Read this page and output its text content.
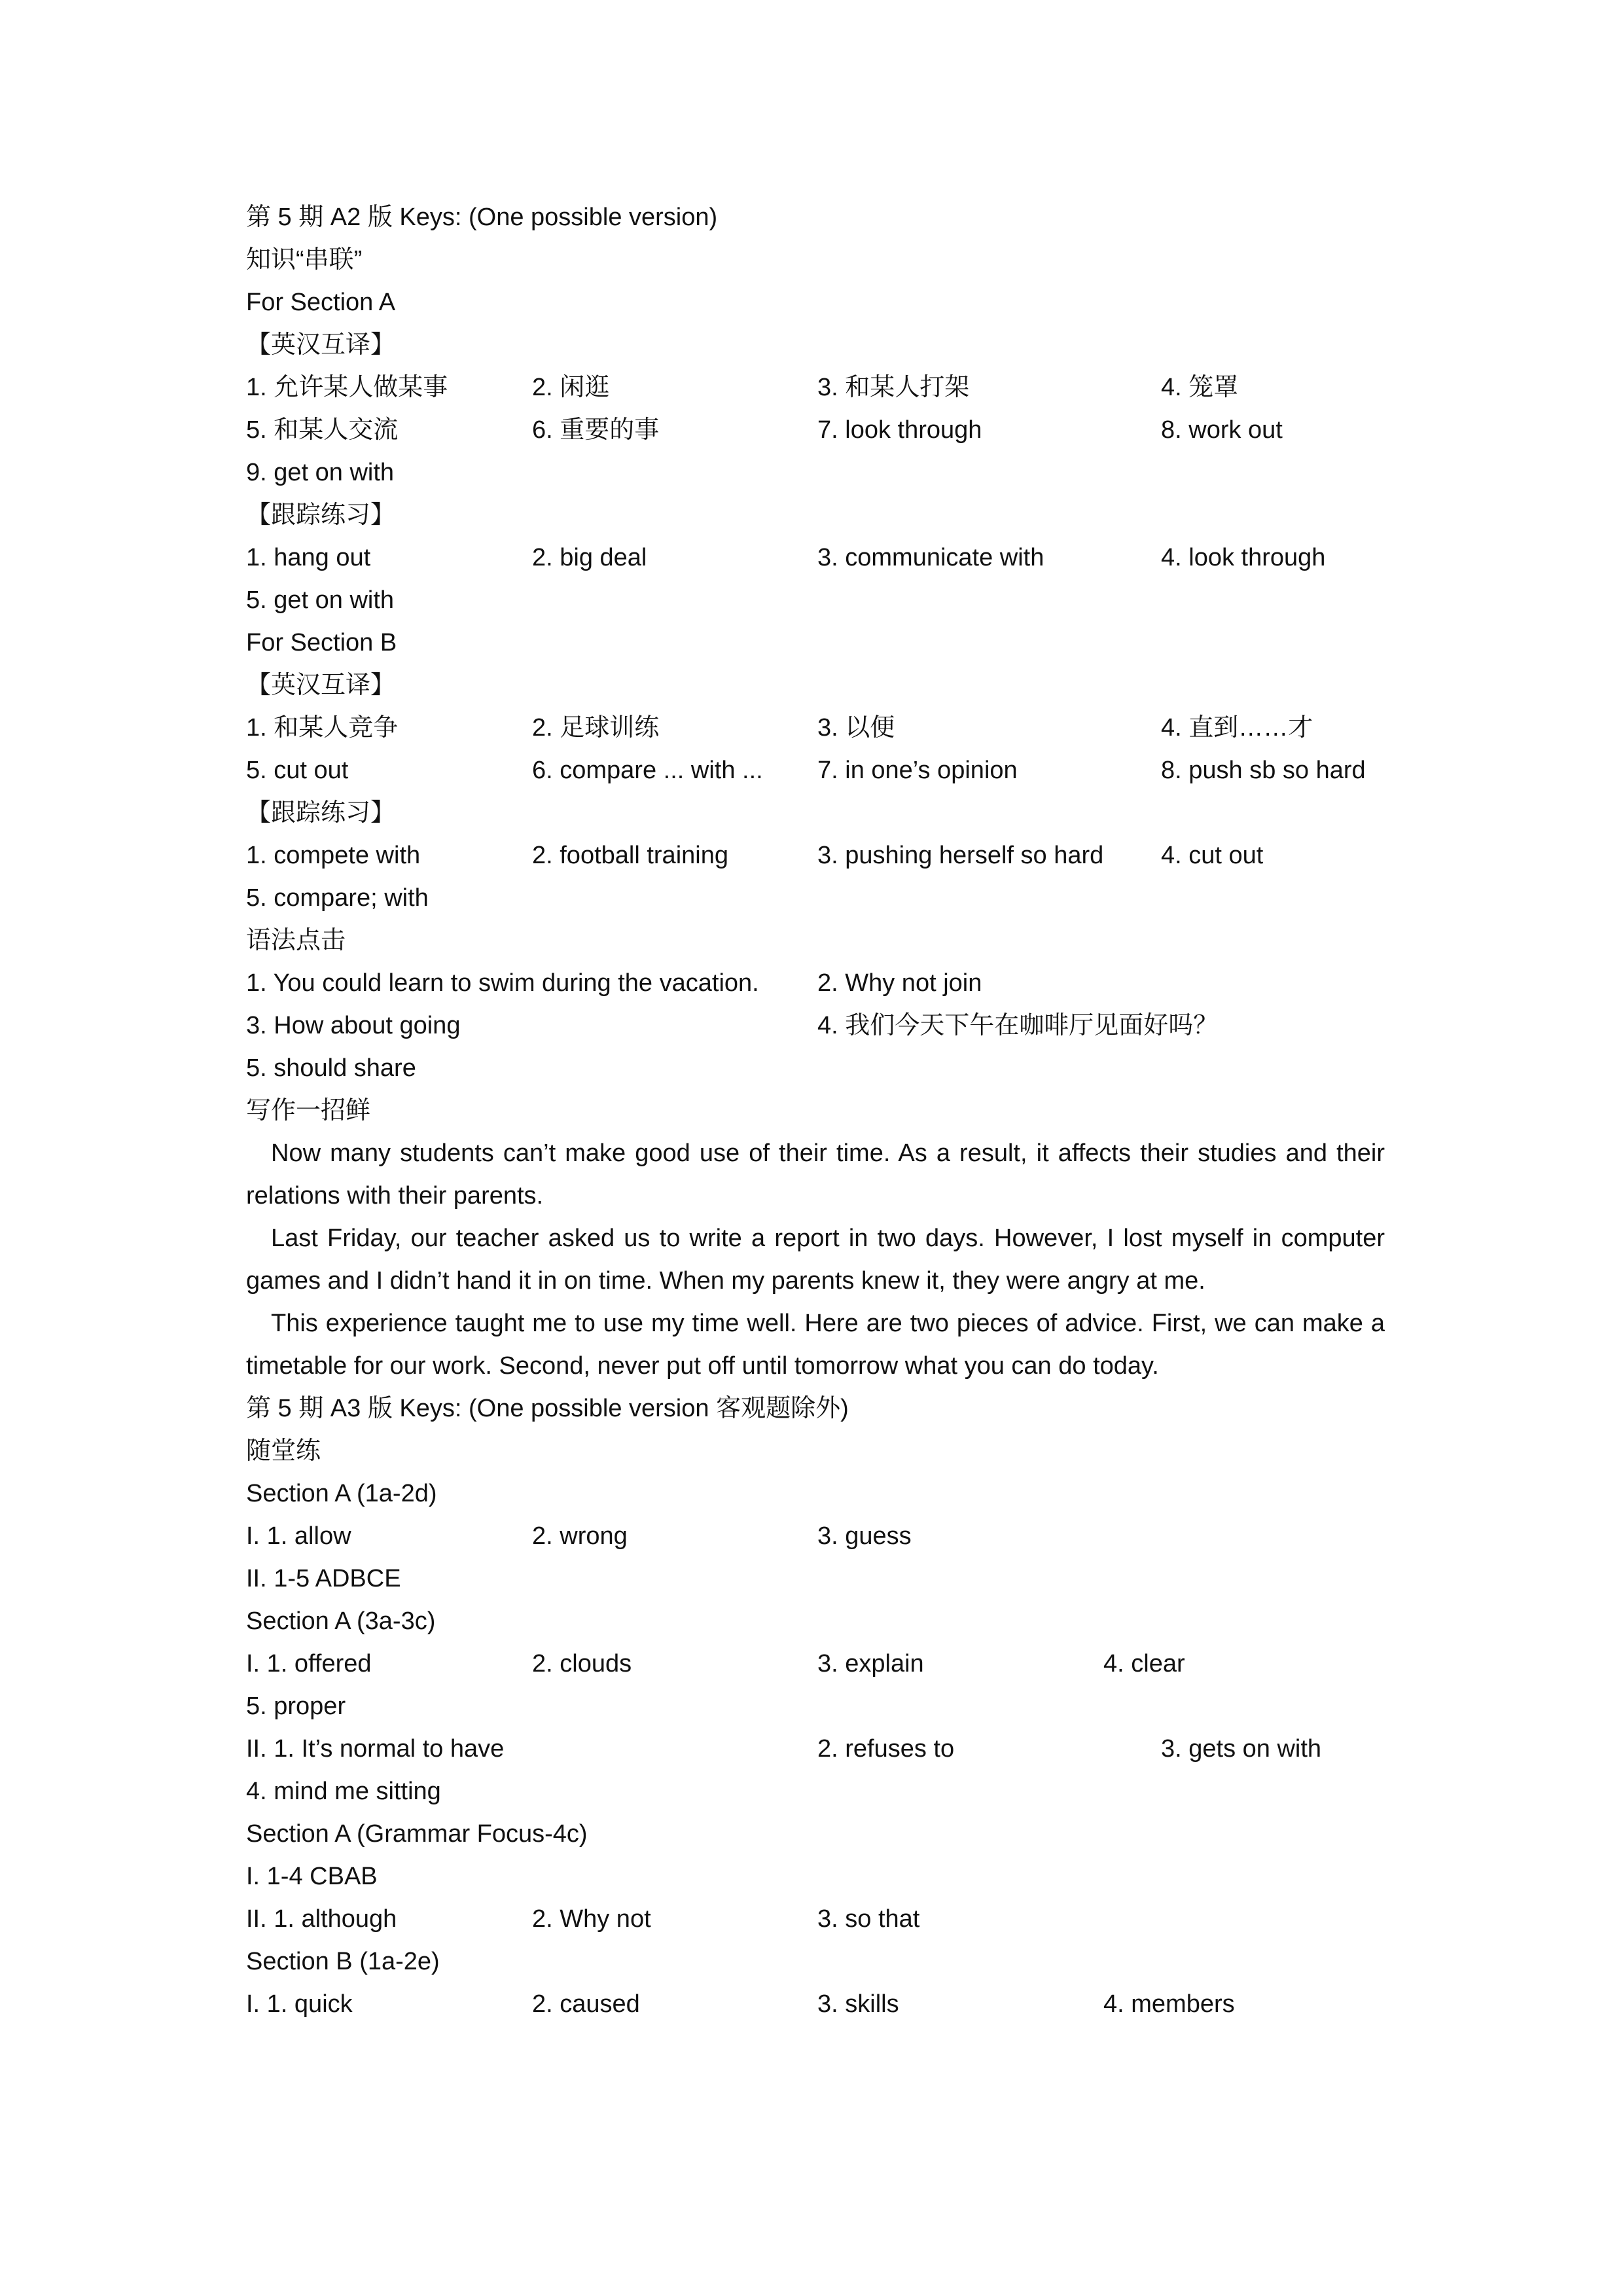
第 5 期 A2 版 Keys: (One possible version)
知识“串联”
For Section A
【英汉互译】
1. 允许某人做某事	2. 闲逛	3. 和某人打架	4. 笼罩
5. 和某人交流	6. 重要的事	7. look through	8. work out
9. get on with
【跟踪练习】
1. hang out	2. big deal	3. communicate with	4. look through
5. get on with
For Section B
【英汉互译】
1. 和某人竞争	2. 足球训练	3. 以便	4. 直到……才
5. cut out	6. compare ... with ... 7. in one’s opinion	8. push sb so hard
【跟踪练习】
1. compete with	2. football training	3. pushing herself so hard 4. cut out
5. compare; with
语法点击
1. You could learn to swim during the vacation. 2. Why not join
3. How about going	4. 我们今天下午在咖啡厅见面好吗？
5. should share
写作一招鲜

Now many students can’t make good use of their time. As a result, it affects their studies and their relations with their parents.

Last Friday, our teacher asked us to write a report in two days. However, I lost myself in computer games and I didn’t hand it in on time. When my parents knew it, they were angry at me.

This experience taught me to use my time well. Here are two pieces of advice. First, we can make a timetable for our work. Second, never put off until tomorrow what you can do today.

第 5 期 A3 版 Keys: (One possible version 客观题除外)
随堂练
Section A (1a-2d)
I. 1. allow	2. wrong	3. guess
II. 1-5 ADBCE
Section A (3a-3c)
I. 1. offered	2. clouds	3. explain	4. clear
5. proper
II. 1. It’s normal to have	2. refuses to	3. gets on with
4. mind me sitting
Section A (Grammar Focus-4c)
I. 1-4 CBAB
II. 1. although	2. Why not	3. so that
Section B (1a-2e)
I. 1. quick	2. caused	3. skills	4. members
